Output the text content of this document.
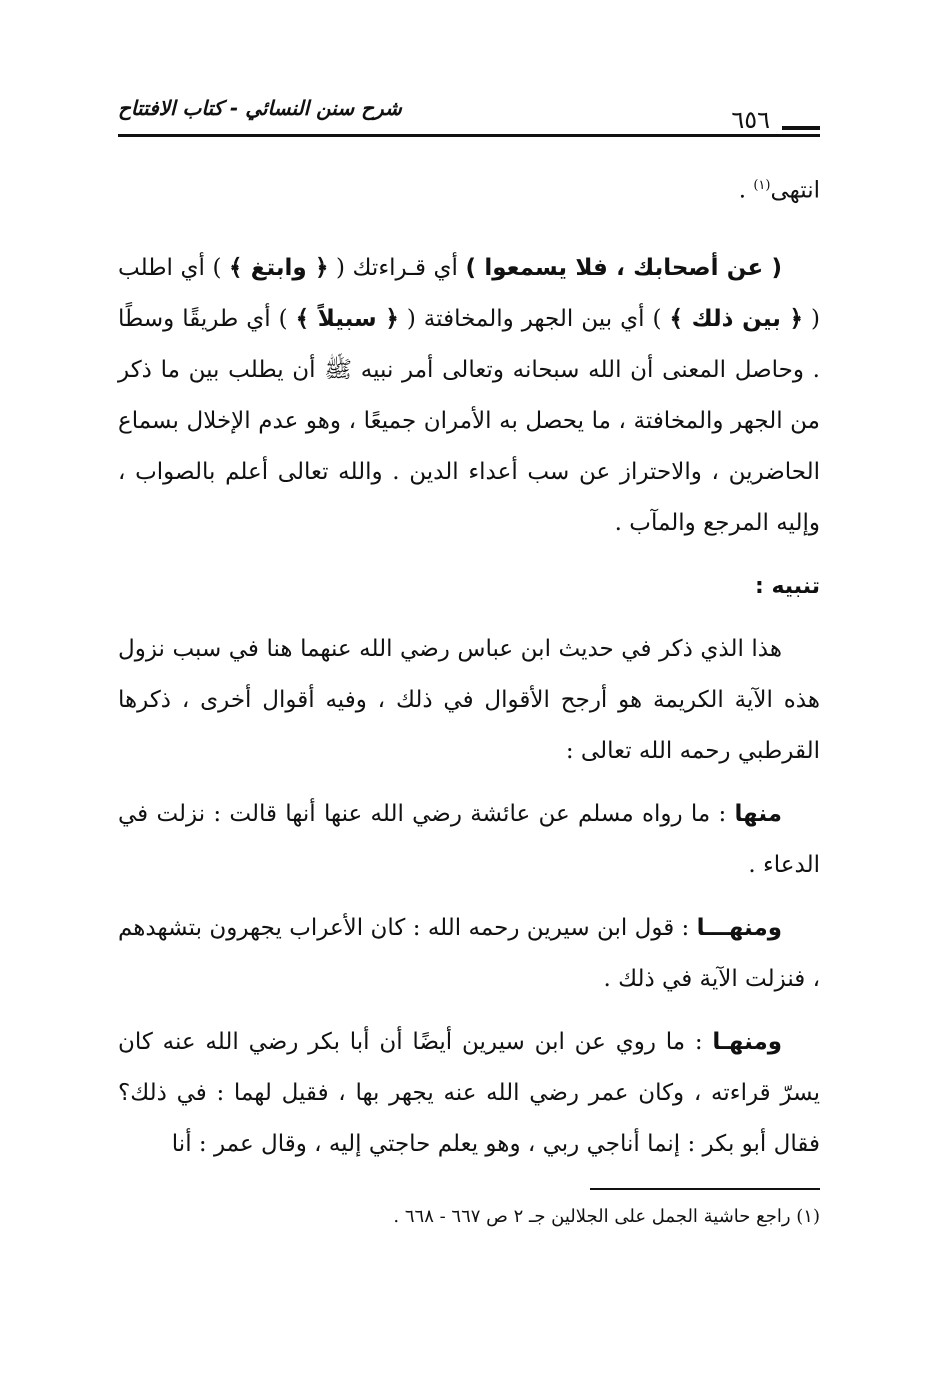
شرح سنن النسائي - كتاب الافتتاح	٦٥٦

انتهى$^{(١)}$ .

( عن أصحابك ، فلا يسمعوا ) أي قـراءتك ( ﴿ وابتغ ﴾ ) أي اطلب ( ﴿ بين ذلك ﴾ ) أي بين الجهر والمخافتة ( ﴿ سبيلاً ﴾ ) أي طريقًا وسطًا . وحاصل المعنى أن الله سبحانه وتعالى أمر نبيه ﷺ أن يطلب بين ما ذكر من الجهر والمخافتة ، ما يحصل به الأمران جميعًا ، وهو عدم الإخلال بسماع الحاضرين ، والاحتراز عن سب أعداء الدين . والله تعالى أعلم بالصواب ، وإليه المرجع والمآب .

تنبيه :

هذا الذي ذكر في حديث ابن عباس رضي الله عنهما هنا في سبب نزول هذه الآية الكريمة هو أرجح الأقوال في ذلك ، وفيه أقوال أخرى ، ذكرها القرطبي رحمه الله تعالى :

منها : ما رواه مسلم عن عائشة رضي الله عنها أنها قالت : نزلت في الدعاء .

ومنهـــا : قول ابن سيرين رحمه الله : كان الأعراب يجهرون بتشهدهم ، فنزلت الآية في ذلك .

ومنهـا : ما روي عن ابن سيرين أيضًا أن أبا بكر رضي الله عنه كان يسرّ قراءته ، وكان عمر رضي الله عنه يجهر بها ، فقيل لهما : في ذلك؟ فقال أبو بكر : إنما أناجي ربي ، وهو يعلم حاجتي إليه ، وقال عمر : أنا

(١) راجع حاشية الجمل على الجلالين جـ ٢ ص ٦٦٧ - ٦٦٨ .
